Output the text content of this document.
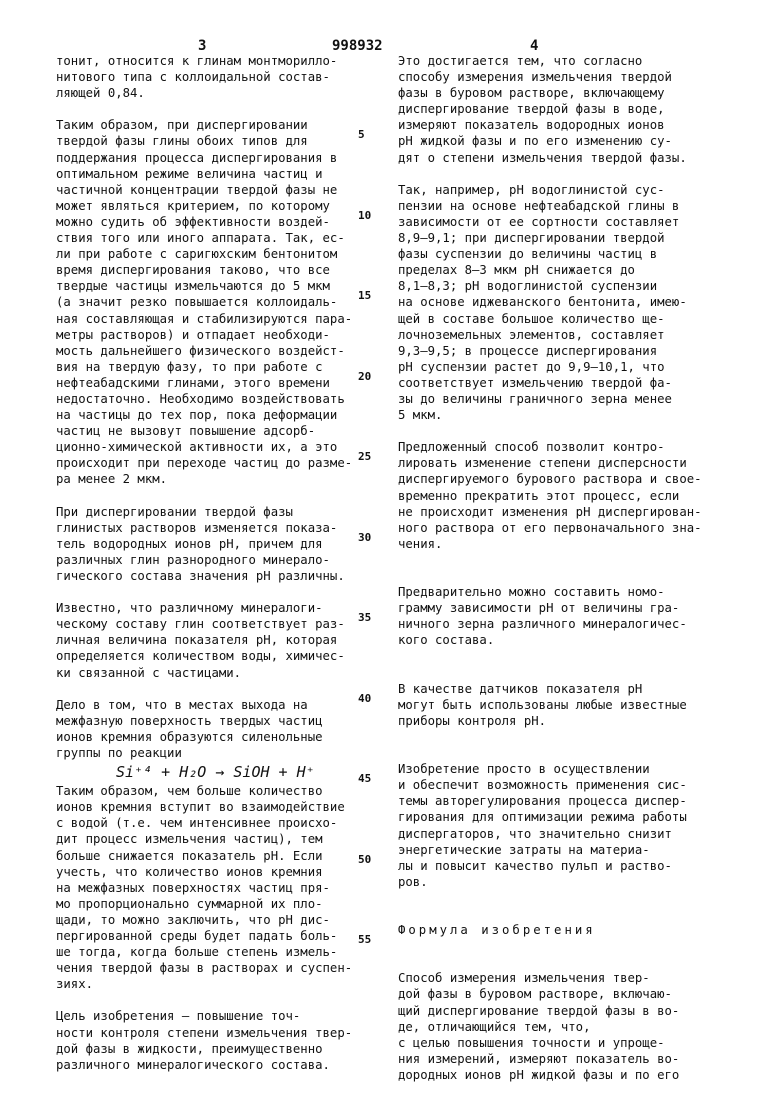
3	998932	4

тонит, относится к глинам монтморилло-

нитового типа с коллоидальной состав-

ляющей 0,84.

Таким образом, при диспергировании

твердой фазы глины обоих типов для

поддержания процесса диспергирования в

оптимальном режиме величина частиц и

частичной концентрации твердой фазы не

может являться критерием, по которому

можно судить об эффективности воздей-

ствия того или иного аппарата. Так, ес-

ли при работе с саригюхским бентонитом

время диспергирования таково, что все

твердые частицы измельчаются до 5 мкм

(а значит резко повышается коллоидаль-

ная составляющая и стабилизируются пара-

метры растворов) и отпадает необходи-

мость дальнейшего физического воздейст-

вия на твердую фазу, то при работе с

нефтеабадскими глинами, этого времени

недостаточно. Необходимо воздействовать

на частицы до тех пор, пока деформации

частиц не вызовут повышение адсорб-

ционно-химической активности их, а это

происходит при переходе частиц до разме-

ра менее 2 мкм.

При диспергировании твердой фазы

глинистых растворов изменяется показа-

тель водородных ионов pH, причем для

различных глин разнородного минерало-

гического состава значения pH различны.

Известно, что различному минералоги-

ческому составу глин соответствует раз-

личная величина показателя pH, которая

определяется количеством воды, химичес-

ки связанной с частицами.

Дело в том, что в местах выхода на

межфазную поверхность твердых частиц

ионов кремния образуются силенольные

группы по реакции

Si⁺⁴ + H₂O → SiOH + H⁺

Таким образом, чем больше количество

ионов кремния вступит во взаимодействие

с водой (т.е. чем интенсивнее происхо-

дит процесс измельчения частиц), тем

больше снижается показатель pH. Если

учесть, что количество ионов кремния

на межфазных поверхностях частиц пря-

мо пропорционально суммарной их пло-

щади, то можно заключить, что pH дис-

пергированной среды будет падать боль-

ше тогда, когда больше степень измель-

чения твердой фазы в растворах и суспен-

зиях.

Цель изобретения – повышение точ-

ности контроля степени измельчения твер-

дой фазы в жидкости, преимущественно

различного минералогического состава.

Это достигается тем, что согласно

способу измерения измельчения твердой

фазы в буровом растворе, включающему

диспергирование твердой фазы в воде,

измеряют показатель водородных ионов

pH жидкой фазы и по его изменению су-

дят о степени измельчения твердой фазы.

Так, например, pH водоглинистой сус-

пензии на основе нефтеабадской глины в

зависимости от ее сортности составляет

8,9–9,1; при диспергировании твердой

фазы суспензии до величины частиц в

пределах 8–3 мкм pH снижается до

8,1–8,3; pH водоглинистой суспензии

на основе иджеванского бентонита, имею-

щей в составе большое количество ще-

лочноземельных элементов, составляет

9,3–9,5; в процессе диспергирования

pH суспензии растет до 9,9–10,1, что

соответствует измельчению твердой фа-

зы до величины граничного зерна менее

5 мкм.

Предложенный способ позволит контро-

лировать изменение степени дисперсности

диспергируемого бурового раствора и свое-

временно прекратить этот процесс, если

не происходит изменения pH диспергирован-

ного раствора от его первоначального зна-

чения.

Предварительно можно составить номо-

грамму зависимости pH от величины гра-

ничного зерна различного минералогичес-

кого состава.

В качестве датчиков показателя pH

могут быть использованы любые известные

приборы контроля pH.

Изобретение просто в осуществлении

и обеспечит возможность применения сис-

темы авторегулирования процесса диспер-

гирования для оптимизации режима работы

диспергаторов, что значительно снизит

энергетические затраты на материа-

лы и повысит качество пульп и раство-

ров.

Формула изобретения

Способ измерения измельчения твер-

дой фазы в буровом растворе, включаю-

щий диспергирование твердой фазы в во-

де, отличающийся тем, что,

с целью повышения точности и упроще-

ния измерений, измеряют показатель во-

дородных ионов pH жидкой фазы и по его

5
10
15
20
25
30
35
40
45
50
55
